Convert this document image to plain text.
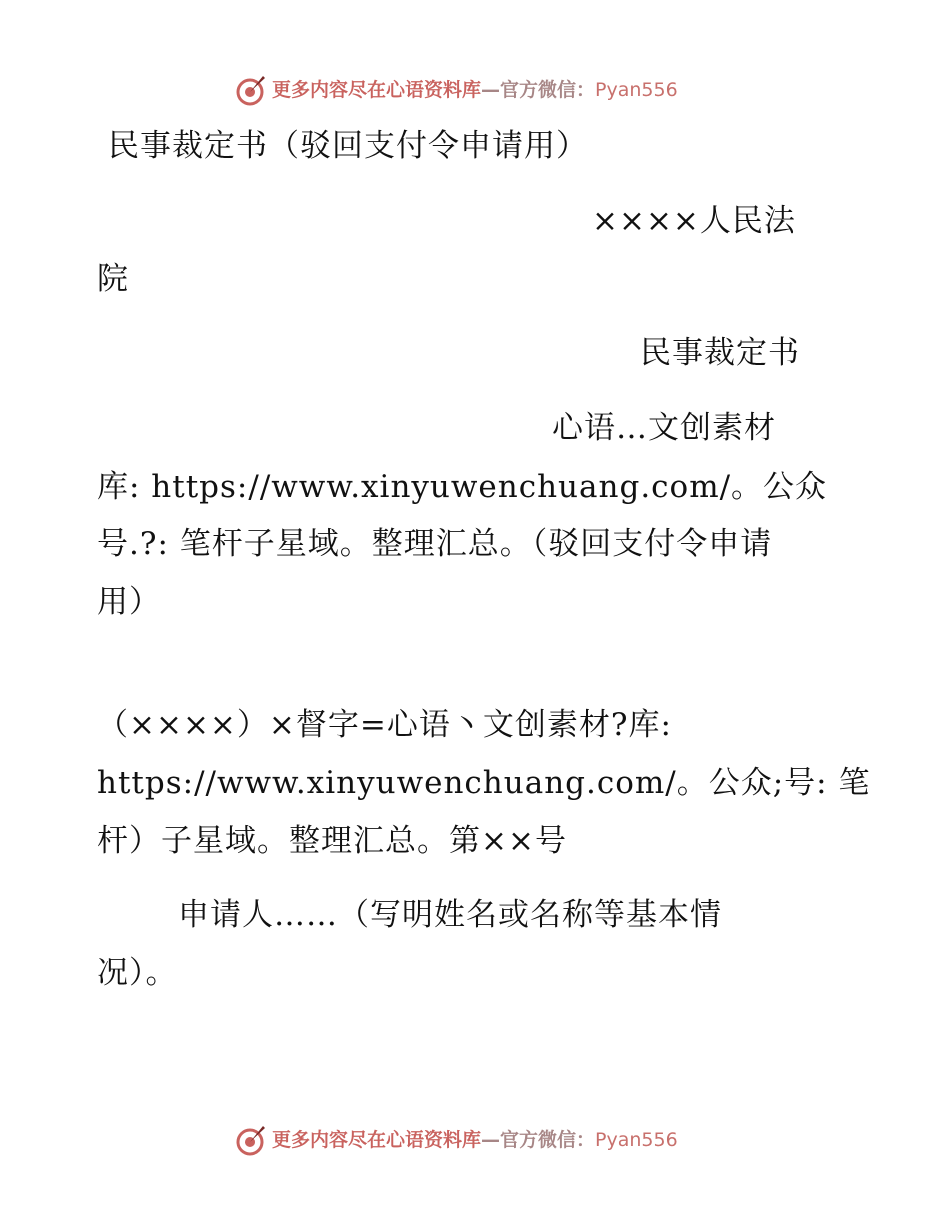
更多内容尽在心语资料库—官方微信：Pyan556
民事裁定书（驳回支付令申请用）
××××人民法
院
民事裁定书
心语…文创素材
库: https://www.xinyuwenchuang.com/。公众
号.?: 笔杆子星域。整理汇总。（驳回支付令申请
用）
（××××）×督字=心语丶文创素材?库:
https://www.xinyuwenchuang.com/。公众;号: 笔
杆）子星域。整理汇总。第××号
申请人……（写明姓名或名称等基本情
况）。
更多内容尽在心语资料库—官方微信：Pyan556
